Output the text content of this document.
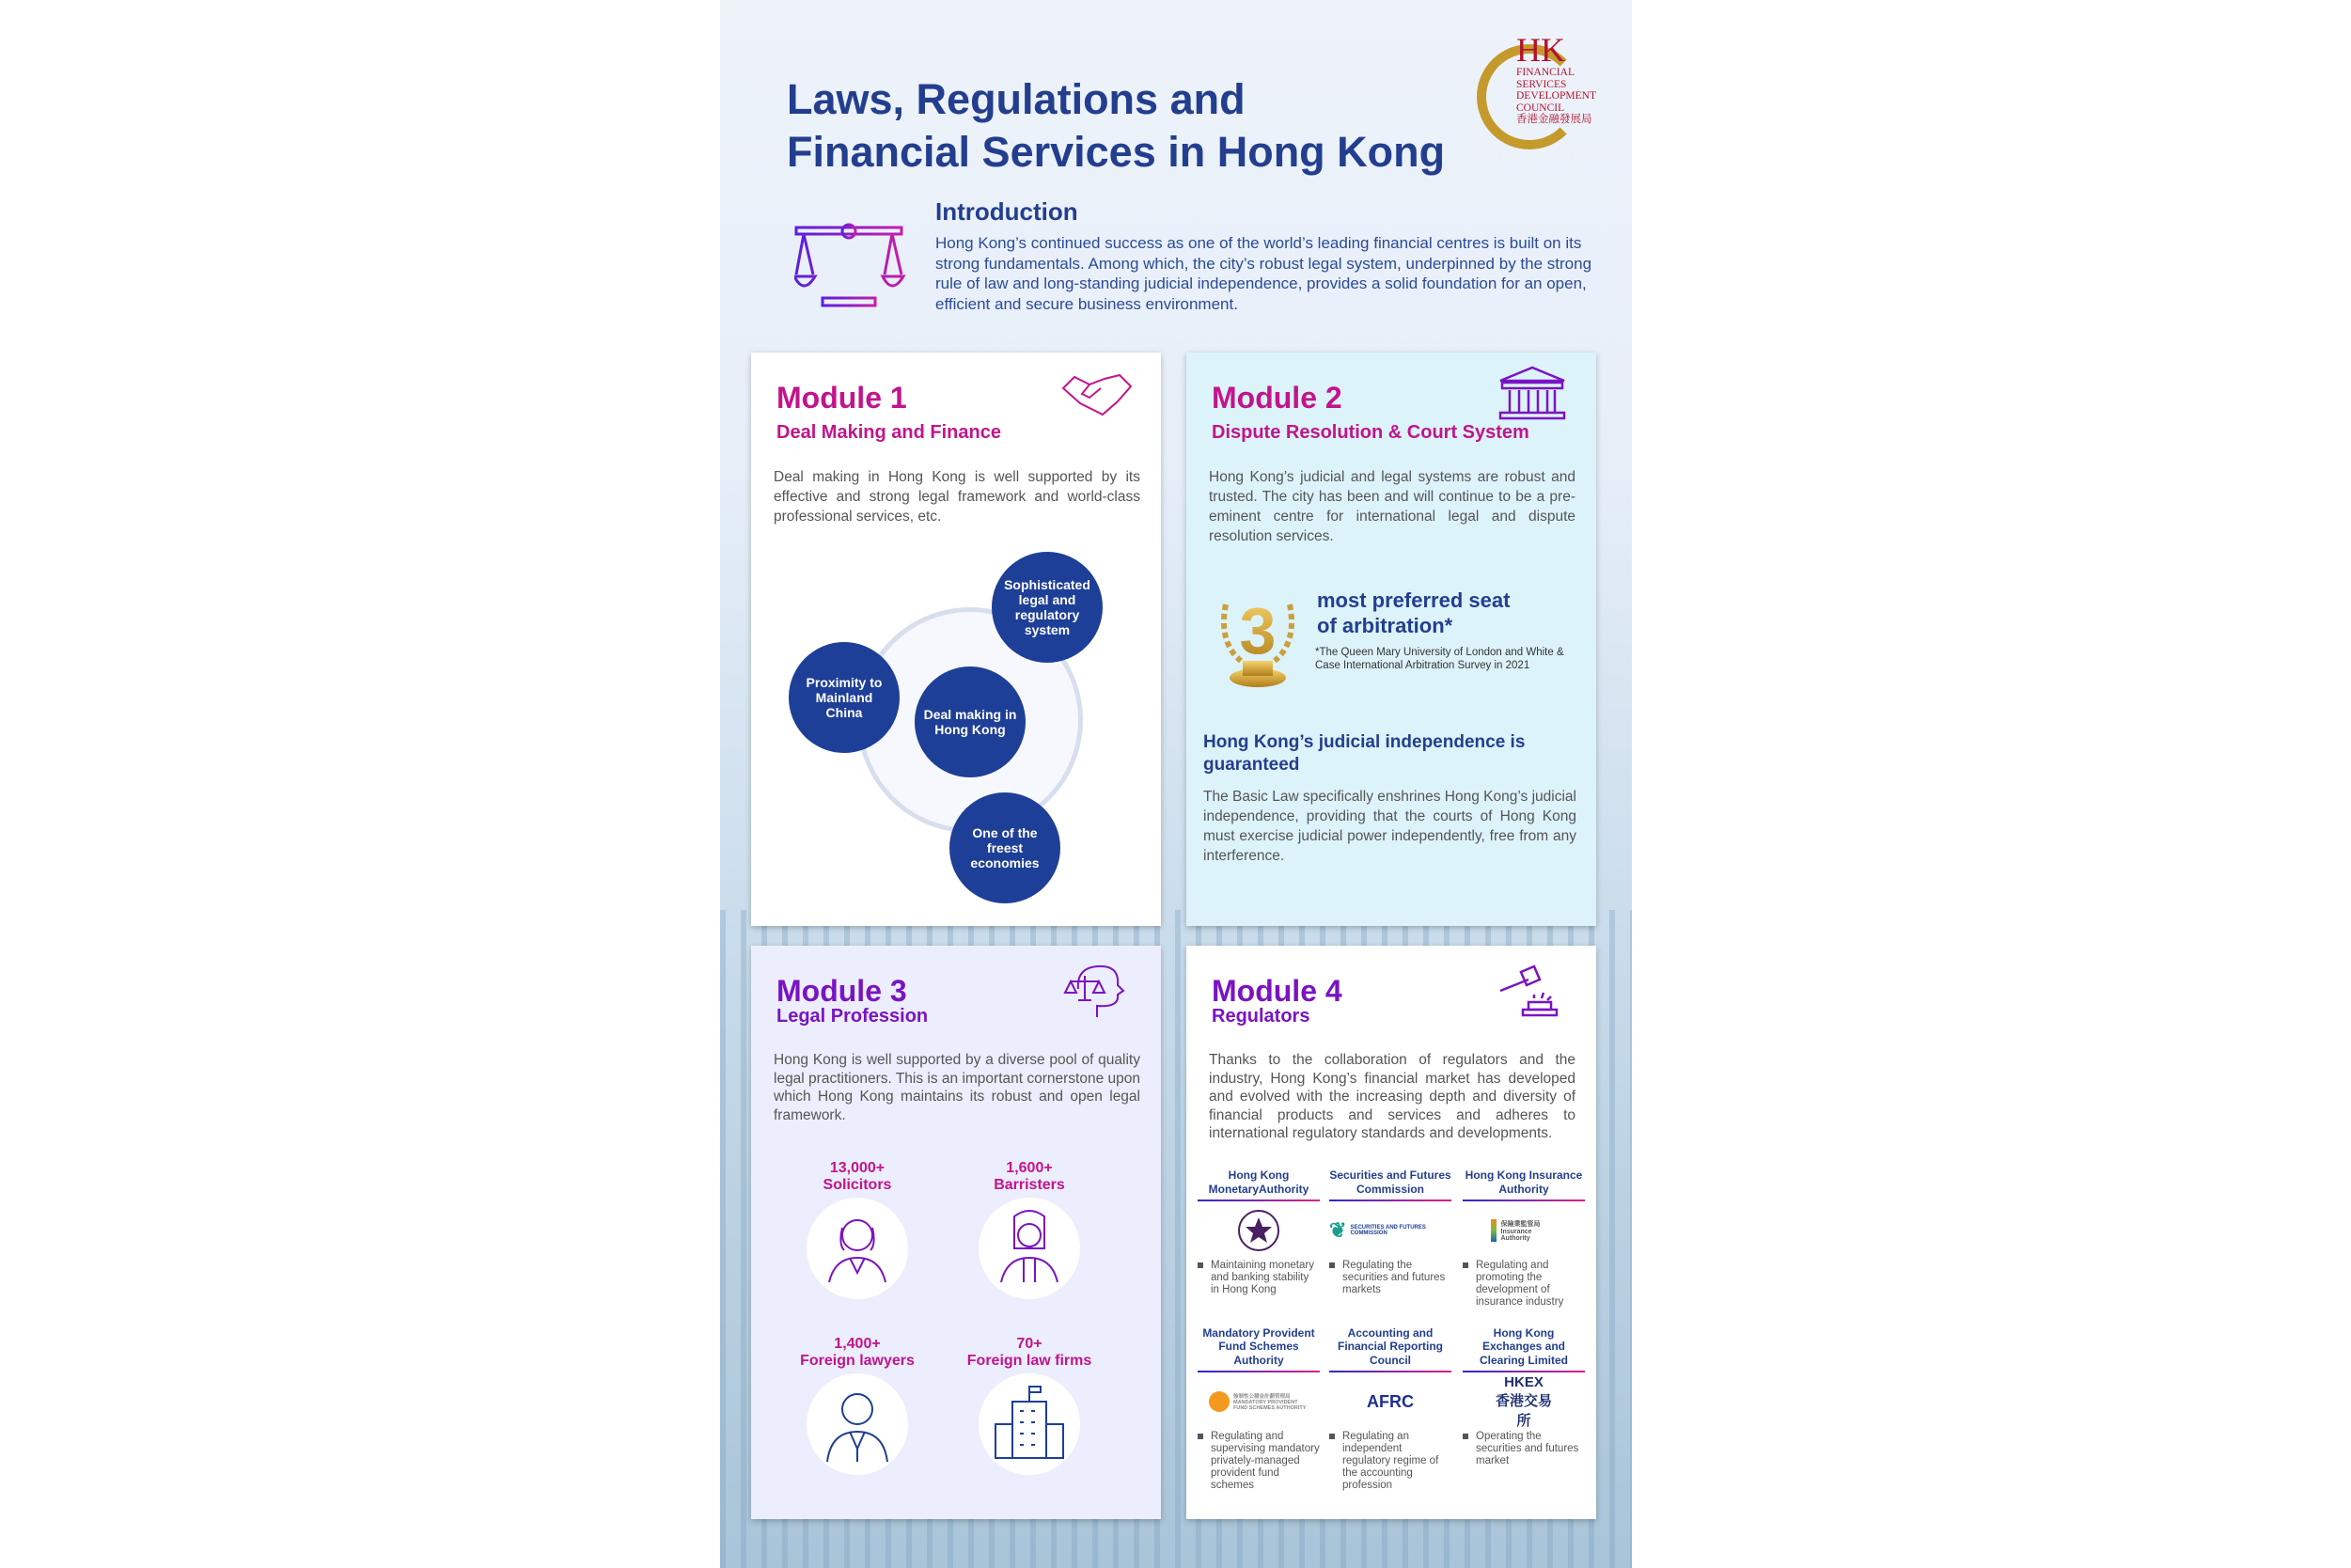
Laws, Regulations and
Financial Services in Hong Kong
HK
FINANCIAL
SERVICES
DEVELOPMENT
COUNCIL
香港金融發展局
Introduction
Hong Kong’s continued success as one of the world’s leading financial centres is built on its strong fundamentals. Among which, the city’s robust legal system, underpinned by the strong rule of law and long-standing judicial independence, provides a solid foundation for an open, efficient and secure business environment.
Module 1
Deal Making and Finance
Deal making in Hong Kong is well supported by its effective and strong legal framework and world-class professional services, etc.
Deal making in Hong Kong
Sophisticated legal and regulatory system
Proximity to Mainland China
One of the freest economies
Module 2
Dispute Resolution & Court System
Hong Kong’s judicial and legal systems are robust and trusted. The city has been and will continue to be a pre-eminent centre for international legal and dispute resolution services.
3 most preferred seat
of arbitration*
*The Queen Mary University of London and White & Case International Arbitration Survey in 2021
Hong Kong’s judicial independence is guaranteed
The Basic Law specifically enshrines Hong Kong’s judicial independence, providing that the courts of Hong Kong must exercise judicial power independently, free from any interference.
Module 3
Legal Profession
Hong Kong is well supported by a diverse pool of quality legal practitioners. This is an important cornerstone upon which Hong Kong maintains its robust and open legal framework.
13,000+
Solicitors
1,600+
Barristers
1,400+
Foreign lawyers
70+
Foreign law firms
Module 4
Regulators
Thanks to the collaboration of regulators and the industry, Hong Kong’s financial market has developed and evolved with the increasing depth and diversity of financial products and services and adheres to international regulatory standards and developments.
Hong Kong MonetaryAuthority
Maintaining monetary and banking stability in Hong Kong
Securities and Futures Commission
❦ SECURITIES AND FUTURES COMMISSION
Regulating the securities and futures markets
Hong Kong Insurance Authority
保險業監管局 Insurance Authority
Regulating and promoting the development of insurance industry
Mandatory Provident Fund Schemes Authority
強制性公積金計劃管理局 MANDATORY PROVIDENT FUND SCHEMES AUTHORITY
Regulating and supervising mandatory privately-managed provident fund schemes
Accounting and Financial Reporting Council
AFRC
Regulating an independent regulatory regime of the accounting profession
Hong Kong Exchanges and Clearing Limited
HKEX 香港交易所
Operating the securities and futures market
